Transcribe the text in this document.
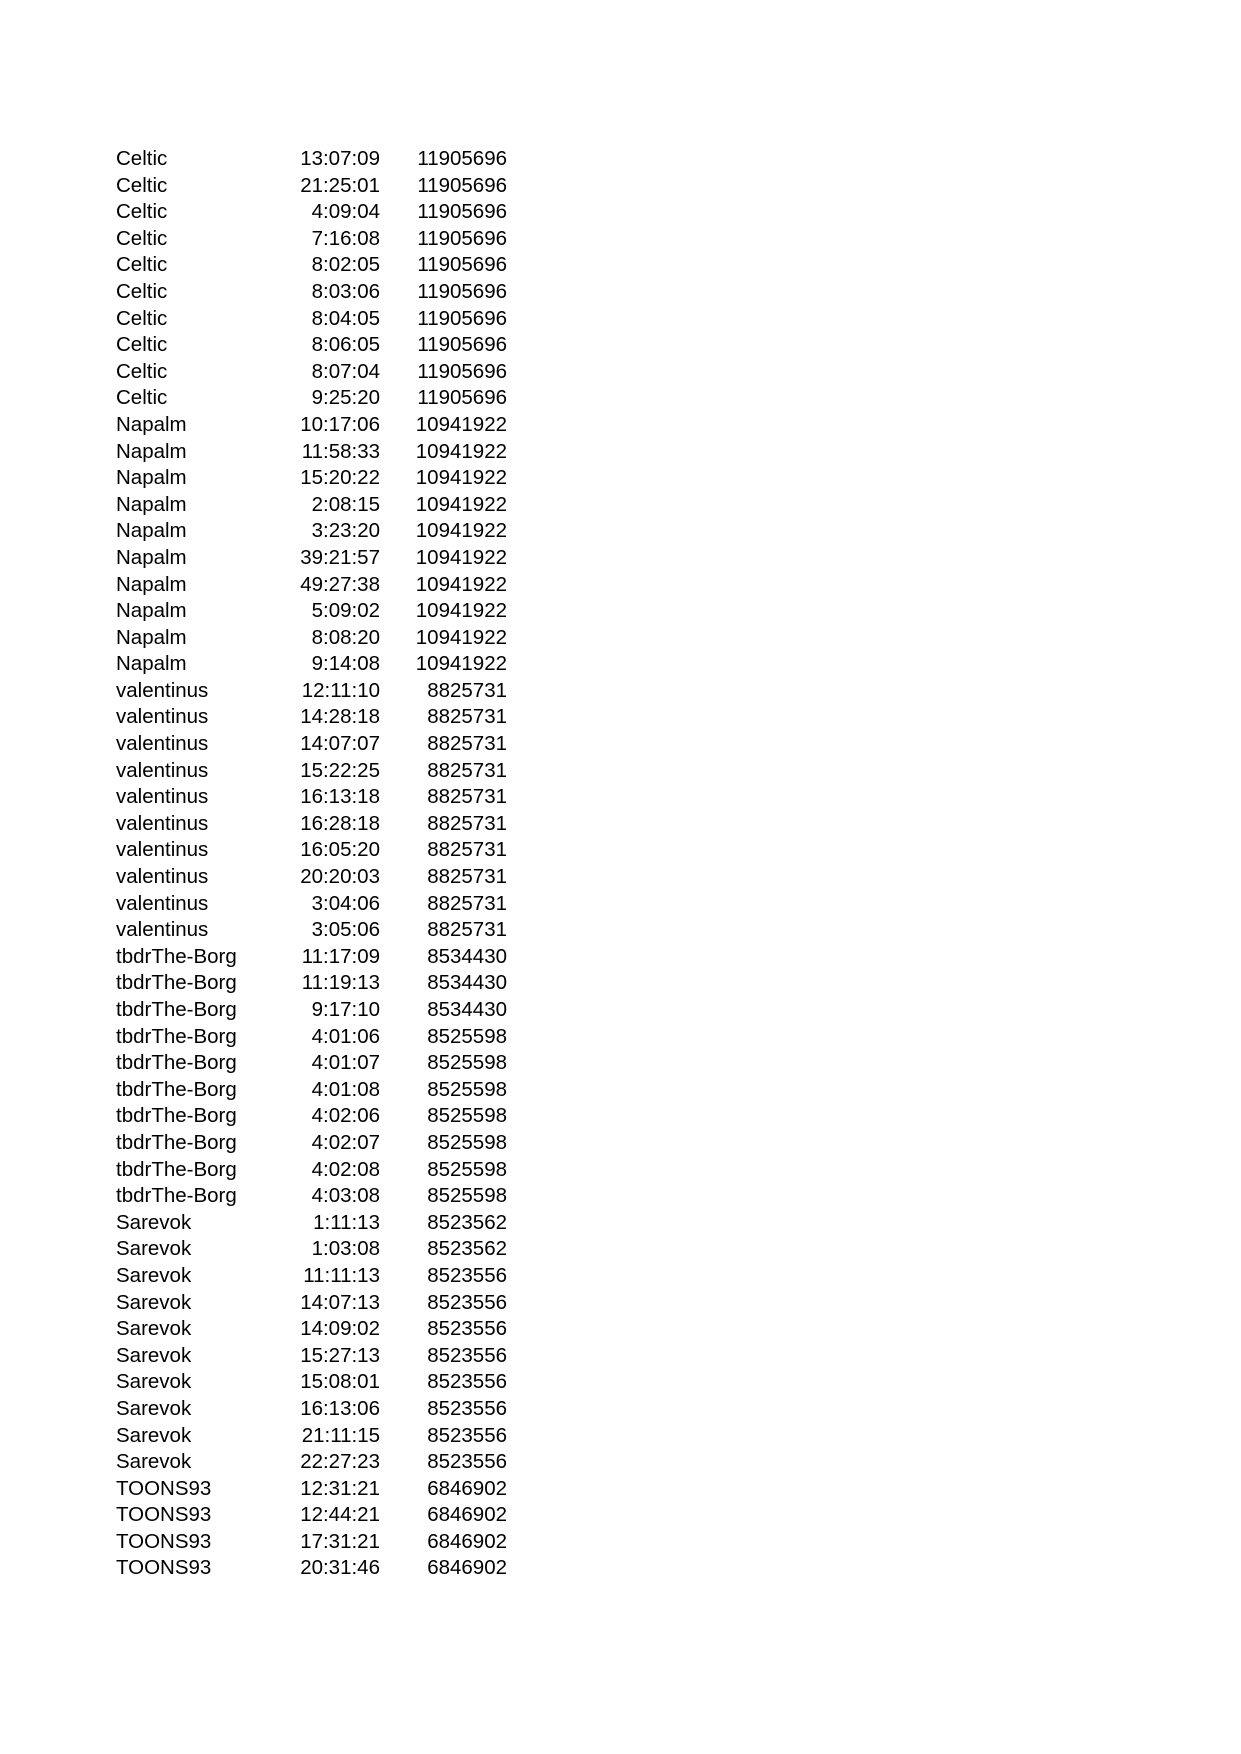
Celtic	13:07:09	11905696
Celtic	21:25:01	11905696
Celtic	4:09:04	11905696
Celtic	7:16:08	11905696
Celtic	8:02:05	11905696
Celtic	8:03:06	11905696
Celtic	8:04:05	11905696
Celtic	8:06:05	11905696
Celtic	8:07:04	11905696
Celtic	9:25:20	11905696
Napalm	10:17:06	10941922
Napalm	11:58:33	10941922
Napalm	15:20:22	10941922
Napalm	2:08:15	10941922
Napalm	3:23:20	10941922
Napalm	39:21:57	10941922
Napalm	49:27:38	10941922
Napalm	5:09:02	10941922
Napalm	8:08:20	10941922
Napalm	9:14:08	10941922
valentinus	12:11:10	8825731
valentinus	14:28:18	8825731
valentinus	14:07:07	8825731
valentinus	15:22:25	8825731
valentinus	16:13:18	8825731
valentinus	16:28:18	8825731
valentinus	16:05:20	8825731
valentinus	20:20:03	8825731
valentinus	3:04:06	8825731
valentinus	3:05:06	8825731
tbdrThe-Borg	11:17:09	8534430
tbdrThe-Borg	11:19:13	8534430
tbdrThe-Borg	9:17:10	8534430
tbdrThe-Borg	4:01:06	8525598
tbdrThe-Borg	4:01:07	8525598
tbdrThe-Borg	4:01:08	8525598
tbdrThe-Borg	4:02:06	8525598
tbdrThe-Borg	4:02:07	8525598
tbdrThe-Borg	4:02:08	8525598
tbdrThe-Borg	4:03:08	8525598
Sarevok	1:11:13	8523562
Sarevok	1:03:08	8523562
Sarevok	11:11:13	8523556
Sarevok	14:07:13	8523556
Sarevok	14:09:02	8523556
Sarevok	15:27:13	8523556
Sarevok	15:08:01	8523556
Sarevok	16:13:06	8523556
Sarevok	21:11:15	8523556
Sarevok	22:27:23	8523556
TOONS93	12:31:21	6846902
TOONS93	12:44:21	6846902
TOONS93	17:31:21	6846902
TOONS93	20:31:46	6846902
